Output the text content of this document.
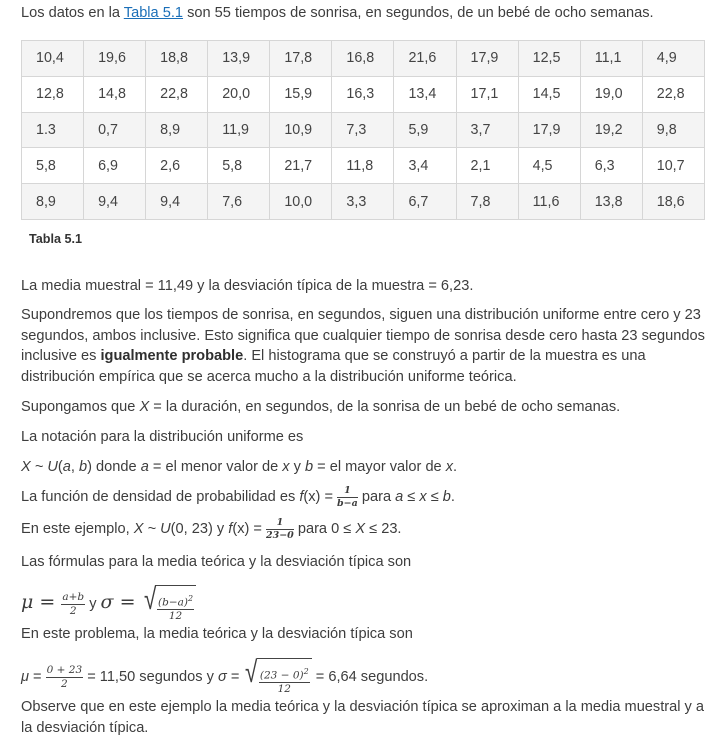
Los datos en la Tabla 5.1 son 55 tiempos de sonrisa, en segundos, de un bebé de ocho semanas.

10,4	19,6	18,8	13,9	17,8	16,8	21,6	17,9	12,5	11,1	4,9
12,8	14,8	22,8	20,0	15,9	16,3	13,4	17,1	14,5	19,0	22,8
1.3	0,7	8,9	11,9	10,9	7,3	5,9	3,7	17,9	19,2	9,8
5,8	6,9	2,6	5,8	21,7	11,8	3,4	2,1	4,5	6,3	10,7
8,9	9,4	9,4	7,6	10,0	3,3	6,7	7,8	11,6	13,8	18,6
Tabla 5.1

La media muestral = 11,49 y la desviación típica de la muestra = 6,23.

Supondremos que los tiempos de sonrisa, en segundos, siguen una distribución uniforme entre cero y 23 segundos, ambos inclusive. Esto significa que cualquier tiempo de sonrisa desde cero hasta 23 segundos inclusive es igualmente probable. El histograma que se construyó a partir de la muestra es una distribución empírica que se acerca mucho a la distribución uniforme teórica.

Supongamos que X = la duración, en segundos, de la sonrisa de un bebé de ocho semanas.

La notación para la distribución uniforme es

X ~ U(a, b) donde a = el menor valor de x y b = el mayor valor de x.

La función de densidad de probabilidad es $f(x) = \frac{1}{b-a}$ para a ≤ x ≤ b.

En este ejemplo, X ~ U(0, 23) y $f(x) = \frac{1}{23-0}$ para 0 ≤ X ≤ 23.

Las fórmulas para la media teórica y la desviación típica son

$\mu = \frac{a+b}{2}$ y σ = √ $\frac{(b-a)^2}{12}$

En este problema, la media teórica y la desviación típica son

$\mu = \frac{0 + 23}{2} = 11,50$ segundos y σ = √ $\frac{(23 - 0)^2}{12} = 6,64$ segundos.

Observe que en este ejemplo la media teórica y la desviación típica se aproximan a la media muestral y a la desviación típica.
